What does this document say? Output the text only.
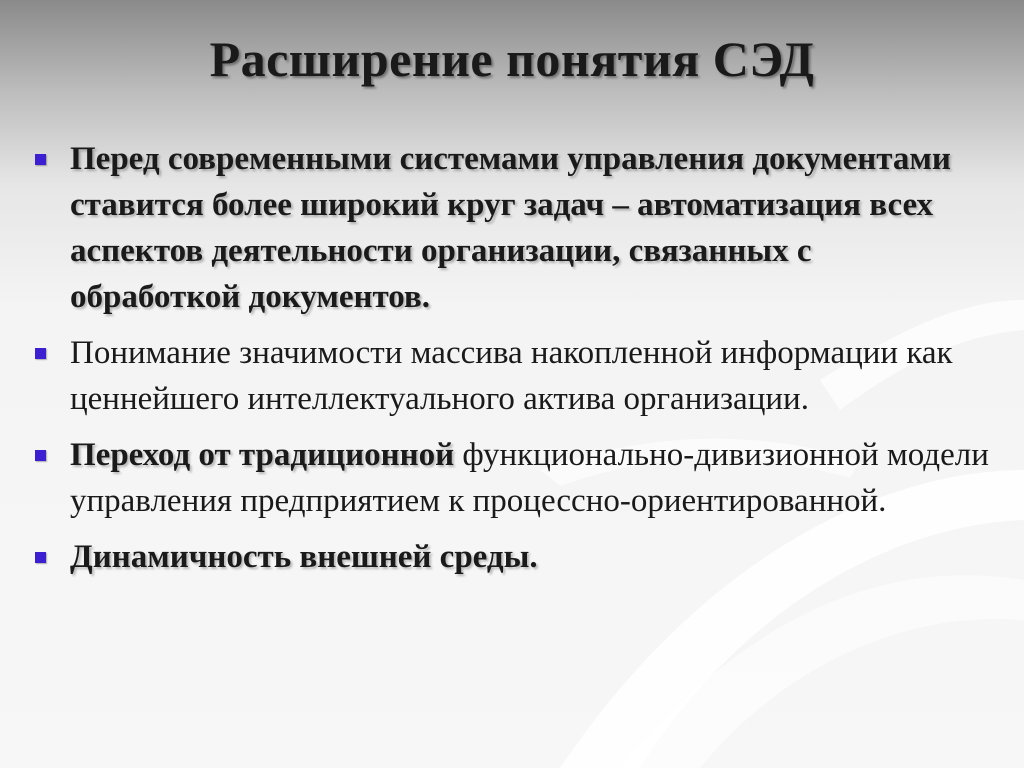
Расширение понятия СЭД
Перед современными системами управления документами ставится более широкий круг задач – автоматизация всех аспектов деятельности организации, связанных с обработкой документов.
Понимание значимости массива накопленной информации как ценнейшего интеллектуального актива организации.
Переход от традиционной функционально-дивизионной модели управления предприятием к процессно-ориентированной.
Динамичность внешней среды.
